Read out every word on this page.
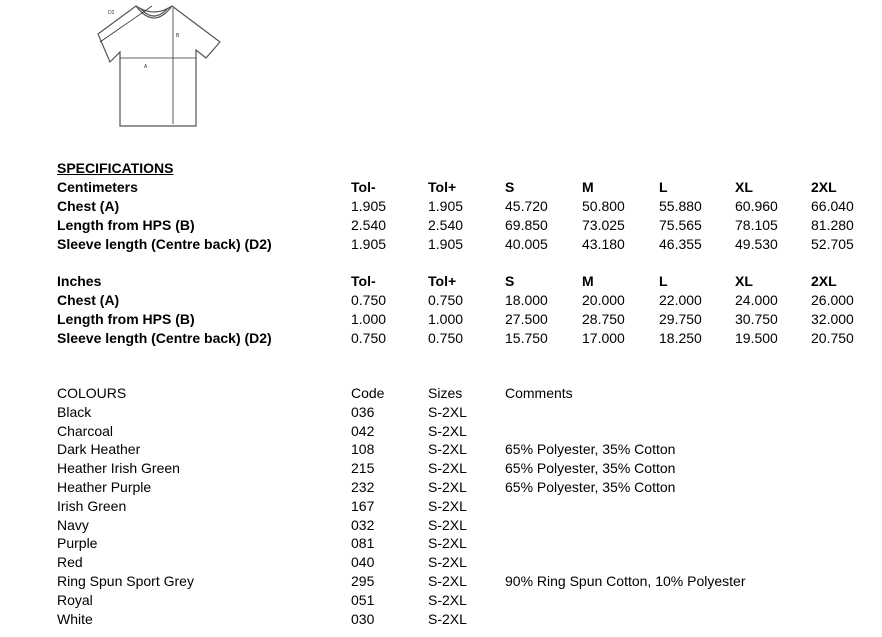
D2
A
B
SPECIFICATIONS
Centimeters	Tol-	Tol+	S	M	L	XL	2XL
Chest (A)	1.905	1.905	45.720 50.800 55.880 60.960 66.040
Length from HPS (B)	2.540	2.540	69.850 73.025 75.565 78.105 81.280
Sleeve length (Centre back) (D2)	1.905	1.905	40.005 43.180 46.355 49.530 52.705
Inches	Tol-	Tol+	S	M	L	XL	2XL
Chest (A)	0.750	0.750	18.000 20.000 22.000 24.000 26.000
Length from HPS (B)	1.000	1.000	27.500 28.750 29.750 30.750 32.000
Sleeve length (Centre back) (D2)	0.750	0.750	15.750 17.000 18.250 19.500 20.750
COLOURS	Code	Sizes	Comments
Black	036	S-2XL
Charcoal	042	S-2XL
Dark Heather	108	S-2XL	65% Polyester, 35% Cotton
Heather Irish Green	215	S-2XL	65% Polyester, 35% Cotton
Heather Purple	232	S-2XL	65% Polyester, 35% Cotton
Irish Green	167	S-2XL
Navy	032	S-2XL
Purple	081	S-2XL
Red	040	S-2XL
Ring Spun Sport Grey	295	S-2XL	90% Ring Spun Cotton, 10% Polyester
Royal	051	S-2XL
White	030	S-2XL
